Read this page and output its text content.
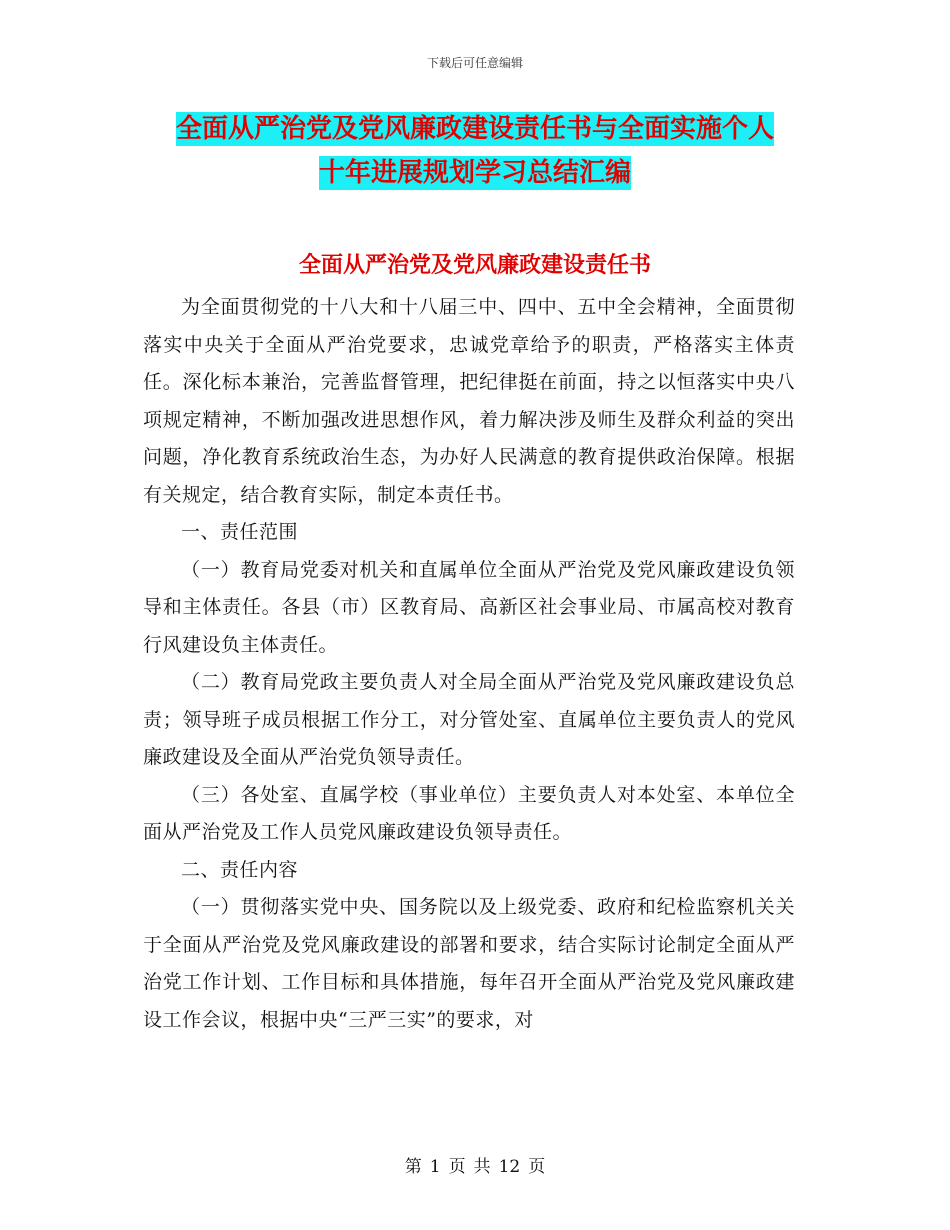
下载后可任意编辑
全面从严治党及党风廉政建设责任书与全面实施个人
十年进展规划学习总结汇编
全面从严治党及党风廉政建设责任书

为全面贯彻党的十八大和十八届三中、四中、五中全会精神，全面贯彻落实中央关于全面从严治党要求，忠诚党章给予的职责，严格落实主体责任。深化标本兼治，完善监督管理，把纪律挺在前面，持之以恒落实中央八项规定精神，不断加强改进思想作风，着力解决涉及师生及群众利益的突出问题，净化教育系统政治生态，为办好人民满意的教育提供政治保障。根据有关规定，结合教育实际，制定本责任书。

一、责任范围

（一）教育局党委对机关和直属单位全面从严治党及党风廉政建设负领导和主体责任。各县（市）区教育局、高新区社会事业局、市属高校对教育行风建设负主体责任。

（二）教育局党政主要负责人对全局全面从严治党及党风廉政建设负总责；领导班子成员根据工作分工，对分管处室、直属单位主要负责人的党风廉政建设及全面从严治党负领导责任。

（三）各处室、直属学校（事业单位）主要负责人对本处室、本单位全面从严治党及工作人员党风廉政建设负领导责任。

二、责任内容

（一）贯彻落实党中央、国务院以及上级党委、政府和纪检监察机关关于全面从严治党及党风廉政建设的部署和要求，结合实际讨论制定全面从严治党工作计划、工作目标和具体措施，每年召开全面从严治党及党风廉政建设工作会议，根据中央“三严三实”的要求，对

第 1 页 共 12 页
